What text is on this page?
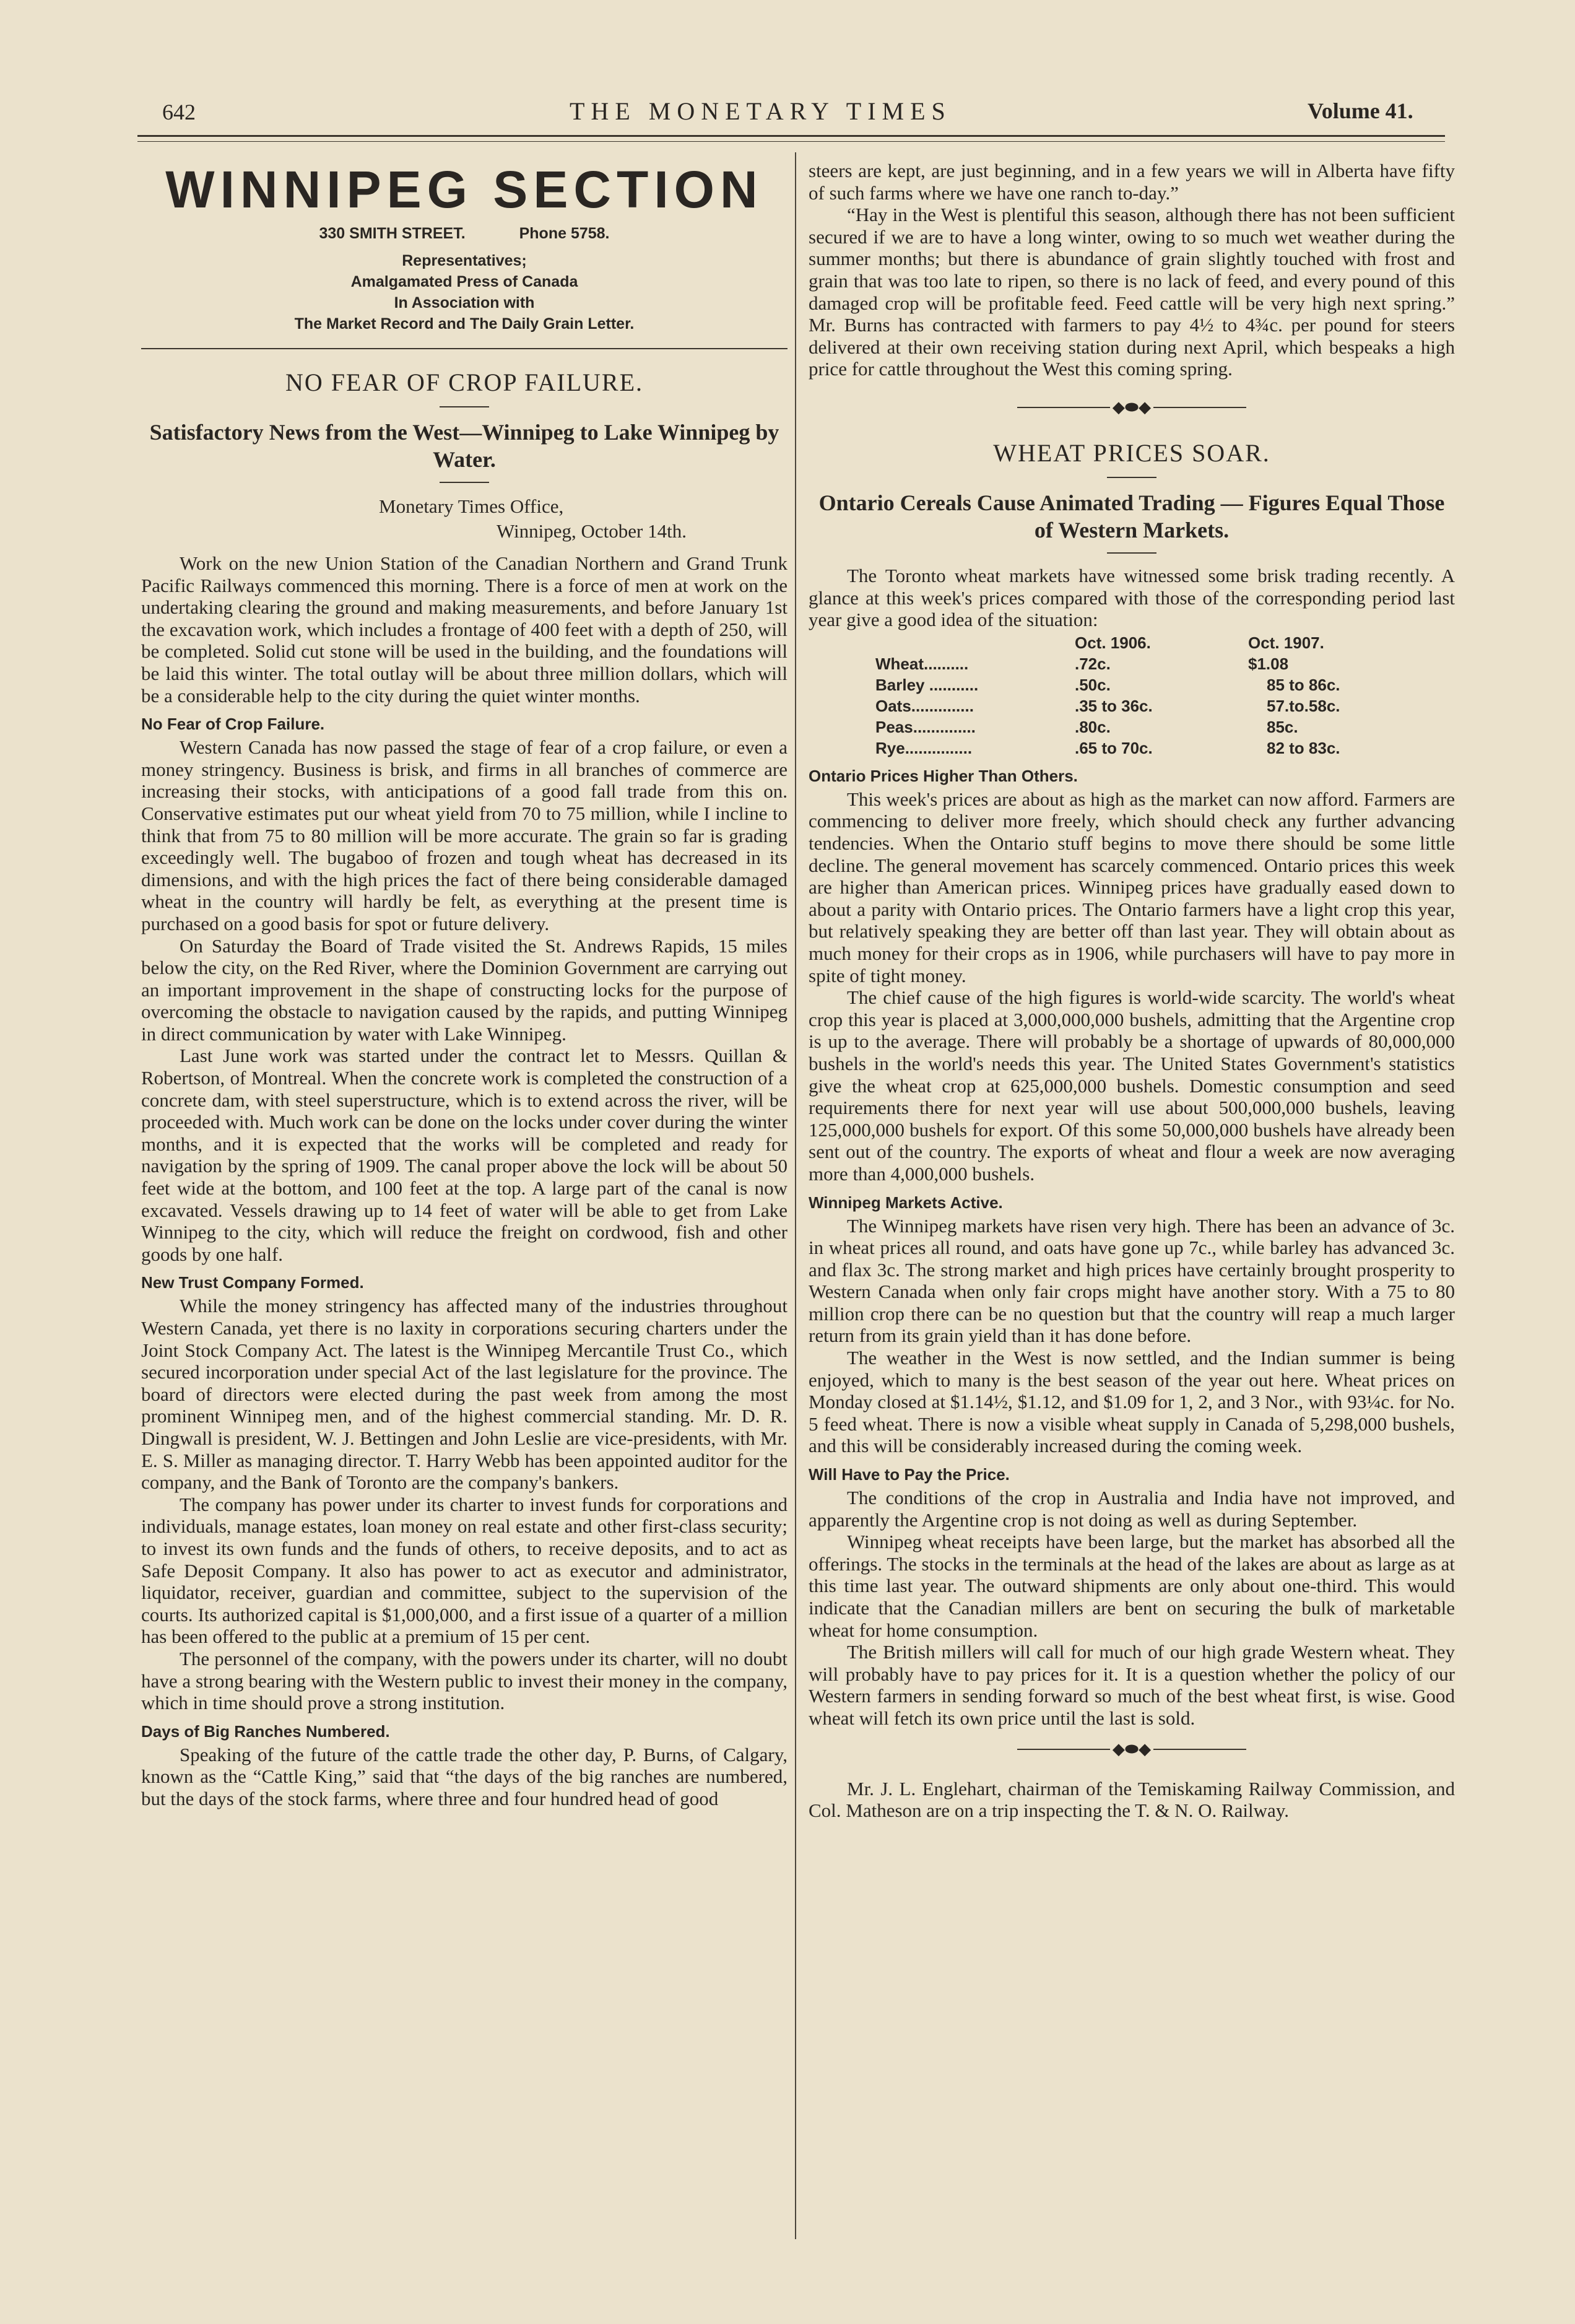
642	THE MONETARY TIMES	Volume 41.
WINNIPEG SECTION
330 SMITH STREET.	Phone 5758.

Representatives;

Amalgamated Press of Canada

In Association with

The Market Record and The Daily Grain Letter.

NO FEAR OF CROP FAILURE.
Satisfactory News from the West—Winnipeg to Lake Winnipeg by Water.
Monetary Times Office,
Winnipeg, October 14th.

Work on the new Union Station of the Canadian Northern and Grand Trunk Pacific Railways commenced this morning. There is a force of men at work on the undertaking clearing the ground and making measurements, and before January 1st the excavation work, which includes a frontage of 400 feet with a depth of 250, will be completed. Solid cut stone will be used in the building, and the foundations will be laid this winter. The total outlay will be about three million dollars, which will be a considerable help to the city during the quiet winter months.

No Fear of Crop Failure.

Western Canada has now passed the stage of fear of a crop failure, or even a money stringency. Business is brisk, and firms in all branches of commerce are increasing their stocks, with anticipations of a good fall trade from this on. Conservative estimates put our wheat yield from 70 to 75 million, while I incline to think that from 75 to 80 million will be more accurate. The grain so far is grading exceedingly well. The bugaboo of frozen and tough wheat has decreased in its dimensions, and with the high prices the fact of there being considerable damaged wheat in the country will hardly be felt, as everything at the present time is purchased on a good basis for spot or future delivery.

On Saturday the Board of Trade visited the St. Andrews Rapids, 15 miles below the city, on the Red River, where the Dominion Government are carrying out an important improvement in the shape of constructing locks for the purpose of overcoming the obstacle to navigation caused by the rapids, and putting Winnipeg in direct communication by water with Lake Winnipeg.

Last June work was started under the contract let to Messrs. Quillan & Robertson, of Montreal. When the concrete work is completed the construction of a concrete dam, with steel superstructure, which is to extend across the river, will be proceeded with. Much work can be done on the locks under cover during the winter months, and it is expected that the works will be completed and ready for navigation by the spring of 1909. The canal proper above the lock will be about 50 feet wide at the bottom, and 100 feet at the top. A large part of the canal is now excavated. Vessels drawing up to 14 feet of water will be able to get from Lake Winnipeg to the city, which will reduce the freight on cordwood, fish and other goods by one half.

New Trust Company Formed.

While the money stringency has affected many of the industries throughout Western Canada, yet there is no laxity in corporations securing charters under the Joint Stock Company Act. The latest is the Winnipeg Mercantile Trust Co., which secured incorporation under special Act of the last legislature for the province. The board of directors were elected during the past week from among the most prominent Winnipeg men, and of the highest commercial standing. Mr. D. R. Dingwall is president, W. J. Bettingen and John Leslie are vice-presidents, with Mr. E. S. Miller as managing director. T. Harry Webb has been appointed auditor for the company, and the Bank of Toronto are the company's bankers.

The company has power under its charter to invest funds for corporations and individuals, manage estates, loan money on real estate and other first-class security; to invest its own funds and the funds of others, to receive deposits, and to act as Safe Deposit Company. It also has power to act as executor and administrator, liquidator, receiver, guardian and committee, subject to the supervision of the courts. Its authorized capital is $1,000,000, and a first issue of a quarter of a million has been offered to the public at a premium of 15 per cent.

The personnel of the company, with the powers under its charter, will no doubt have a strong bearing with the Western public to invest their money in the company, which in time should prove a strong institution.

Days of Big Ranches Numbered.

Speaking of the future of the cattle trade the other day, P. Burns, of Calgary, known as the “Cattle King,” said that “the days of the big ranches are numbered, but the days of the stock farms, where three and four hundred head of good

steers are kept, are just beginning, and in a few years we will in Alberta have fifty of such farms where we have one ranch to-day.”

“Hay in the West is plentiful this season, although there has not been sufficient secured if we are to have a long winter, owing to so much wet weather during the summer months; but there is abundance of grain slightly touched with frost and grain that was too late to ripen, so there is no lack of feed, and every pound of this damaged crop will be profitable feed. Feed cattle will be very high next spring.” Mr. Burns has contracted with farmers to pay 4½ to 4¾c. per pound for steers delivered at their own receiving station during next April, which bespeaks a high price for cattle throughout the West this coming spring.

◆⬬◆
WHEAT PRICES SOAR.
Ontario Cereals Cause Animated Trading — Figures Equal Those of Western Markets.

The Toronto wheat markets have witnessed some brisk trading recently. A glance at this week's prices compared with those of the corresponding period last year give a good idea of the situation:

	Oct. 1906.	Oct. 1907.
Wheat..........	.72c.	$1.08
Barley ...........	.50c.	85 to 86c.
Oats..............	.35 to 36c.	57.to.58c.
Peas..............	.80c.	85c.
Rye...............	.65 to 70c.	82 to 83c.
Ontario Prices Higher Than Others.

This week's prices are about as high as the market can now afford. Farmers are commencing to deliver more freely, which should check any further advancing tendencies. When the Ontario stuff begins to move there should be some little decline. The general movement has scarcely commenced. Ontario prices this week are higher than American prices. Winnipeg prices have gradually eased down to about a parity with Ontario prices. The Ontario farmers have a light crop this year, but relatively speaking they are better off than last year. They will obtain about as much money for their crops as in 1906, while purchasers will have to pay more in spite of tight money.

The chief cause of the high figures is world-wide scarcity. The world's wheat crop this year is placed at 3,000,000,000 bushels, admitting that the Argentine crop is up to the average. There will probably be a shortage of upwards of 80,000,000 bushels in the world's needs this year. The United States Government's statistics give the wheat crop at 625,000,000 bushels. Domestic consumption and seed requirements there for next year will use about 500,000,000 bushels, leaving 125,000,000 bushels for export. Of this some 50,000,000 bushels have already been sent out of the country. The exports of wheat and flour a week are now averaging more than 4,000,000 bushels.

Winnipeg Markets Active.

The Winnipeg markets have risen very high. There has been an advance of 3c. in wheat prices all round, and oats have gone up 7c., while barley has advanced 3c. and flax 3c. The strong market and high prices have certainly brought prosperity to Western Canada when only fair crops might have another story. With a 75 to 80 million crop there can be no question but that the country will reap a much larger return from its grain yield than it has done before.

The weather in the West is now settled, and the Indian summer is being enjoyed, which to many is the best season of the year out here. Wheat prices on Monday closed at $1.14½, $1.12, and $1.09 for 1, 2, and 3 Nor., with 93¼c. for No. 5 feed wheat. There is now a visible wheat supply in Canada of 5,298,000 bushels, and this will be considerably increased during the coming week.

Will Have to Pay the Price.

The conditions of the crop in Australia and India have not improved, and apparently the Argentine crop is not doing as well as during September.

Winnipeg wheat receipts have been large, but the market has absorbed all the offerings. The stocks in the terminals at the head of the lakes are about as large as at this time last year. The outward shipments are only about one-third. This would indicate that the Canadian millers are bent on securing the bulk of marketable wheat for home consumption.

The British millers will call for much of our high grade Western wheat. They will probably have to pay prices for it. It is a question whether the policy of our Western farmers in sending forward so much of the best wheat first, is wise. Good wheat will fetch its own price until the last is sold.

◆⬬◆

Mr. J. L. Englehart, chairman of the Temiskaming Railway Commission, and Col. Matheson are on a trip inspecting the T. & N. O. Railway.
